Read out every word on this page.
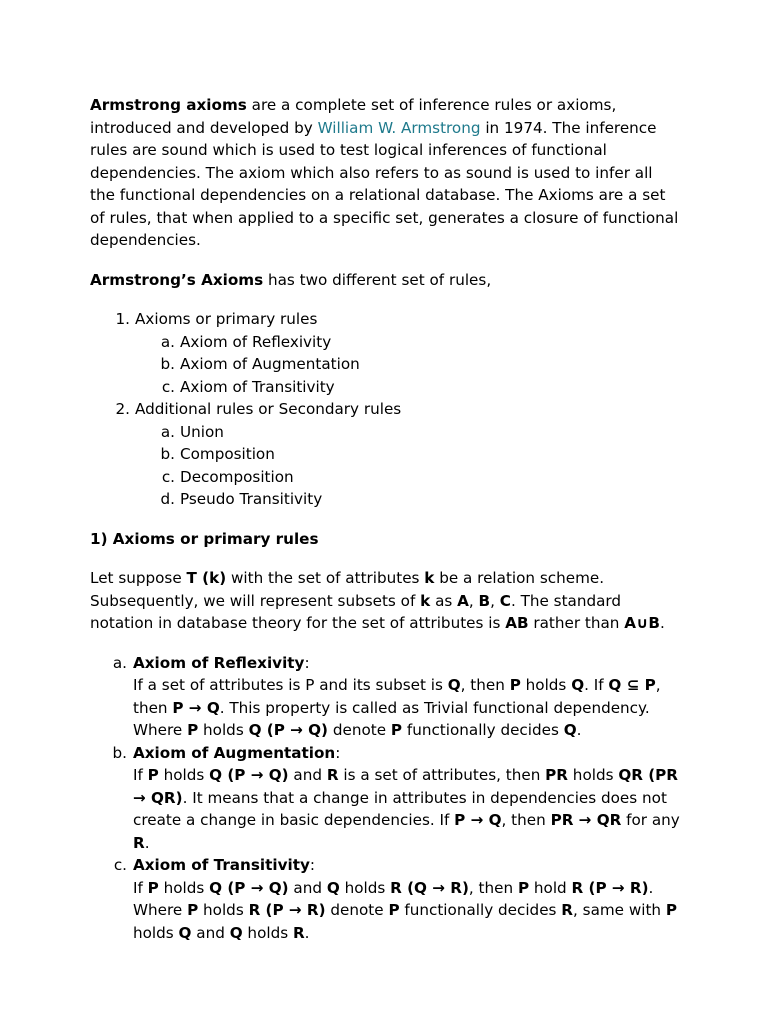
Armstrong axioms are a complete set of inference rules or axioms, introduced and developed by William W. Armstrong in 1974. The inference rules are sound which is used to test logical inferences of functional dependencies. The axiom which also refers to as sound is used to infer all the functional dependencies on a relational database. The Axioms are a set of rules, that when applied to a specific set, generates a closure of functional dependencies.

Armstrong’s Axioms has two different set of rules,

1. Axioms or primary rules
a. Axiom of Reflexivity
b. Axiom of Augmentation
c. Axiom of Transitivity
2. Additional rules or Secondary rules
a. Union
b. Composition
c. Decomposition
d. Pseudo Transitivity

1) Axioms or primary rules

Let suppose T (k) with the set of attributes k be a relation scheme. Subsequently, we will represent subsets of k as A, B, C. The standard notation in database theory for the set of attributes is AB rather than A∪B.

a. Axiom of Reflexivity:

If a set of attributes is P and its subset is Q, then P holds Q. If Q ⊆ P, then P → Q. This property is called as Trivial functional dependency.

Where P holds Q (P → Q) denote P functionally decides Q.

b. Axiom of Augmentation:

If P holds Q (P → Q) and R is a set of attributes, then PR holds QR (PR → QR). It means that a change in attributes in dependencies does not create a change in basic dependencies. If P → Q, then PR → QR for any R.

c. Axiom of Transitivity:

If P holds Q (P → Q) and Q holds R (Q → R), then P hold R (P → R). Where P holds R (P → R) denote P functionally decides R, same with P holds Q and Q holds R.
